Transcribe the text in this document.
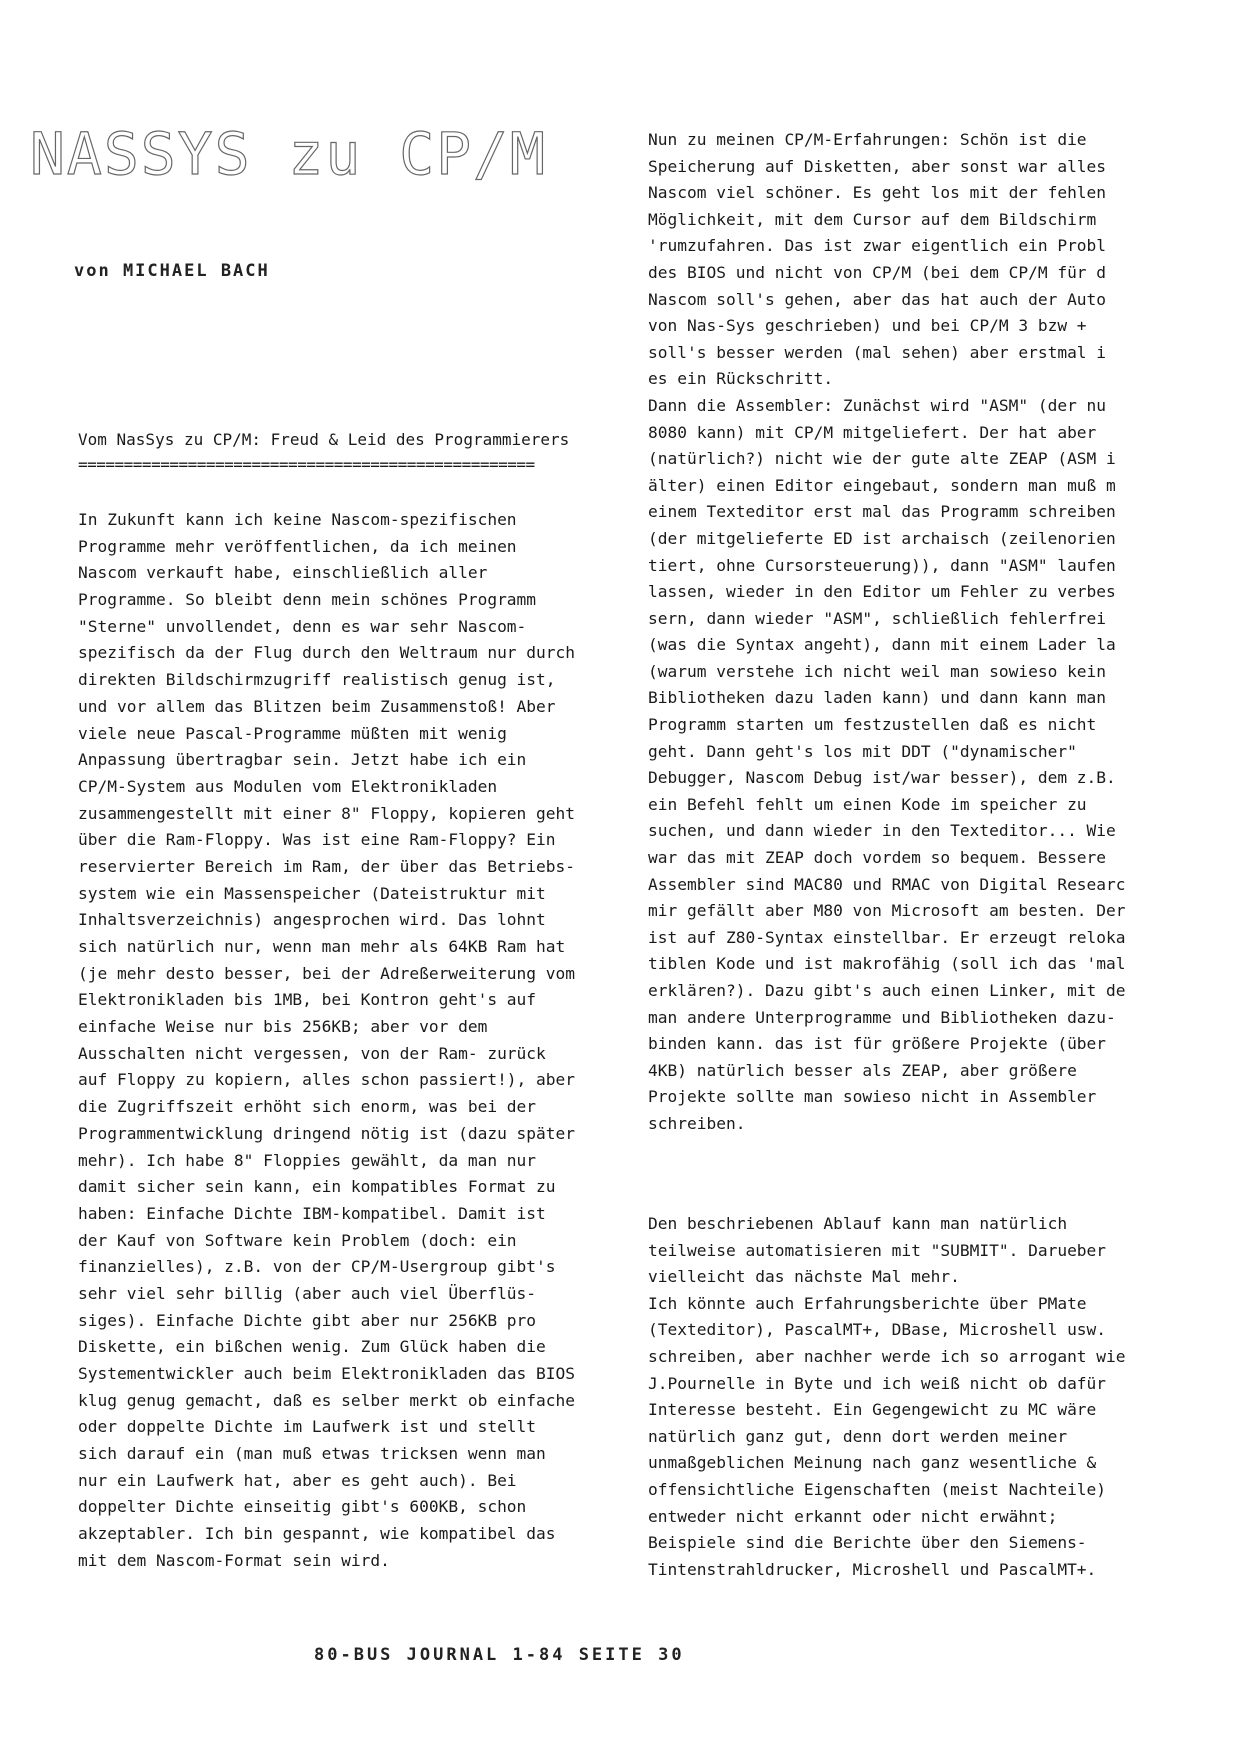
NASSYS zu CP/M
von MICHAEL BACH
Vom NasSys zu CP/M: Freud & Leid des Programmierers
==================================================
In Zukunft kann ich keine Nascom-spezifischen
Programme mehr veröffentlichen, da ich meinen
Nascom verkauft habe, einschließlich aller
Programme. So bleibt denn mein schönes Programm
"Sterne" unvollendet, denn es war sehr Nascom-
spezifisch da der Flug durch den Weltraum nur durch
direkten Bildschirmzugriff realistisch genug ist,
und vor allem das Blitzen beim Zusammenstoß! Aber
viele neue Pascal-Programme müßten mit wenig
Anpassung übertragbar sein. Jetzt habe ich ein
CP/M-System aus Modulen vom Elektronikladen
zusammengestellt mit einer 8" Floppy, kopieren geht
über die Ram-Floppy. Was ist eine Ram-Floppy? Ein
reservierter Bereich im Ram, der über das Betriebs-
system wie ein Massenspeicher (Dateistruktur mit
Inhaltsverzeichnis) angesprochen wird. Das lohnt
sich natürlich nur, wenn man mehr als 64KB Ram hat
(je mehr desto besser, bei der Adreßerweiterung vom
Elektronikladen bis 1MB, bei Kontron geht's auf
einfache Weise nur bis 256KB; aber vor dem
Ausschalten nicht vergessen, von der Ram- zurück
auf Floppy zu kopiern, alles schon passiert!), aber
die Zugriffszeit erhöht sich enorm, was bei der
Programmentwicklung dringend nötig ist (dazu später
mehr). Ich habe 8" Floppies gewählt, da man nur
damit sicher sein kann, ein kompatibles Format zu
haben: Einfache Dichte IBM-kompatibel. Damit ist
der Kauf von Software kein Problem (doch: ein
finanzielles), z.B. von der CP/M-Usergroup gibt's
sehr viel sehr billig (aber auch viel Überflüs-
siges). Einfache Dichte gibt aber nur 256KB pro
Diskette, ein bißchen wenig. Zum Glück haben die
Systementwickler auch beim Elektronikladen das BIOS
klug genug gemacht, daß es selber merkt ob einfache
oder doppelte Dichte im Laufwerk ist und stellt
sich darauf ein (man muß etwas tricksen wenn man
nur ein Laufwerk hat, aber es geht auch). Bei
doppelter Dichte einseitig gibt's 600KB, schon
akzeptabler. Ich bin gespannt, wie kompatibel das
mit dem Nascom-Format sein wird.
Nun zu meinen CP/M-Erfahrungen: Schön ist die
Speicherung auf Disketten, aber sonst war alles
Nascom viel schöner. Es geht los mit der fehlen
Möglichkeit, mit dem Cursor auf dem Bildschirm
'rumzufahren. Das ist zwar eigentlich ein Probl
des BIOS und nicht von CP/M (bei dem CP/M für d
Nascom soll's gehen, aber das hat auch der Auto
von Nas-Sys geschrieben) und bei CP/M 3 bzw +
soll's besser werden (mal sehen) aber erstmal i
es ein Rückschritt.
Dann die Assembler: Zunächst wird "ASM" (der nu
8080 kann) mit CP/M mitgeliefert. Der hat aber
(natürlich?) nicht wie der gute alte ZEAP (ASM i
älter) einen Editor eingebaut, sondern man muß m
einem Texteditor erst mal das Programm schreiben
(der mitgelieferte ED ist archaisch (zeilenorien
tiert, ohne Cursorsteuerung)), dann "ASM" laufen
lassen, wieder in den Editor um Fehler zu verbes
sern, dann wieder "ASM", schließlich fehlerfrei
(was die Syntax angeht), dann mit einem Lader la
(warum verstehe ich nicht weil man sowieso kein
Bibliotheken dazu laden kann) und dann kann man
Programm starten um festzustellen daß es nicht
geht. Dann geht's los mit DDT ("dynamischer"
Debugger, Nascom Debug ist/war besser), dem z.B.
ein Befehl fehlt um einen Kode im speicher zu
suchen, und dann wieder in den Texteditor... Wie
war das mit ZEAP doch vordem so bequem. Bessere
Assembler sind MAC80 und RMAC von Digital Researc
mir gefällt aber M80 von Microsoft am besten. Der
ist auf Z80-Syntax einstellbar. Er erzeugt reloka
tiblen Kode und ist makrofähig (soll ich das 'mal
erklären?). Dazu gibt's auch einen Linker, mit de
man andere Unterprogramme und Bibliotheken dazu-
binden kann. das ist für größere Projekte (über
4KB) natürlich besser als ZEAP, aber größere
Projekte sollte man sowieso nicht in Assembler
schreiben.
Den beschriebenen Ablauf kann man natürlich
teilweise automatisieren mit "SUBMIT". Darueber
vielleicht das nächste Mal mehr.
Ich könnte auch Erfahrungsberichte über PMate
(Texteditor), PascalMT+, DBase, Microshell usw.
schreiben, aber nachher werde ich so arrogant wie
J.Pournelle in Byte und ich weiß nicht ob dafür
Interesse besteht. Ein Gegengewicht zu MC wäre
natürlich ganz gut, denn dort werden meiner
unmaßgeblichen Meinung nach ganz wesentliche &
offensichtliche Eigenschaften (meist Nachteile)
entweder nicht erkannt oder nicht erwähnt;
Beispiele sind die Berichte über den Siemens-
Tintenstrahldrucker, Microshell und PascalMT+.
80-BUS JOURNAL 1-84 SEITE 30
